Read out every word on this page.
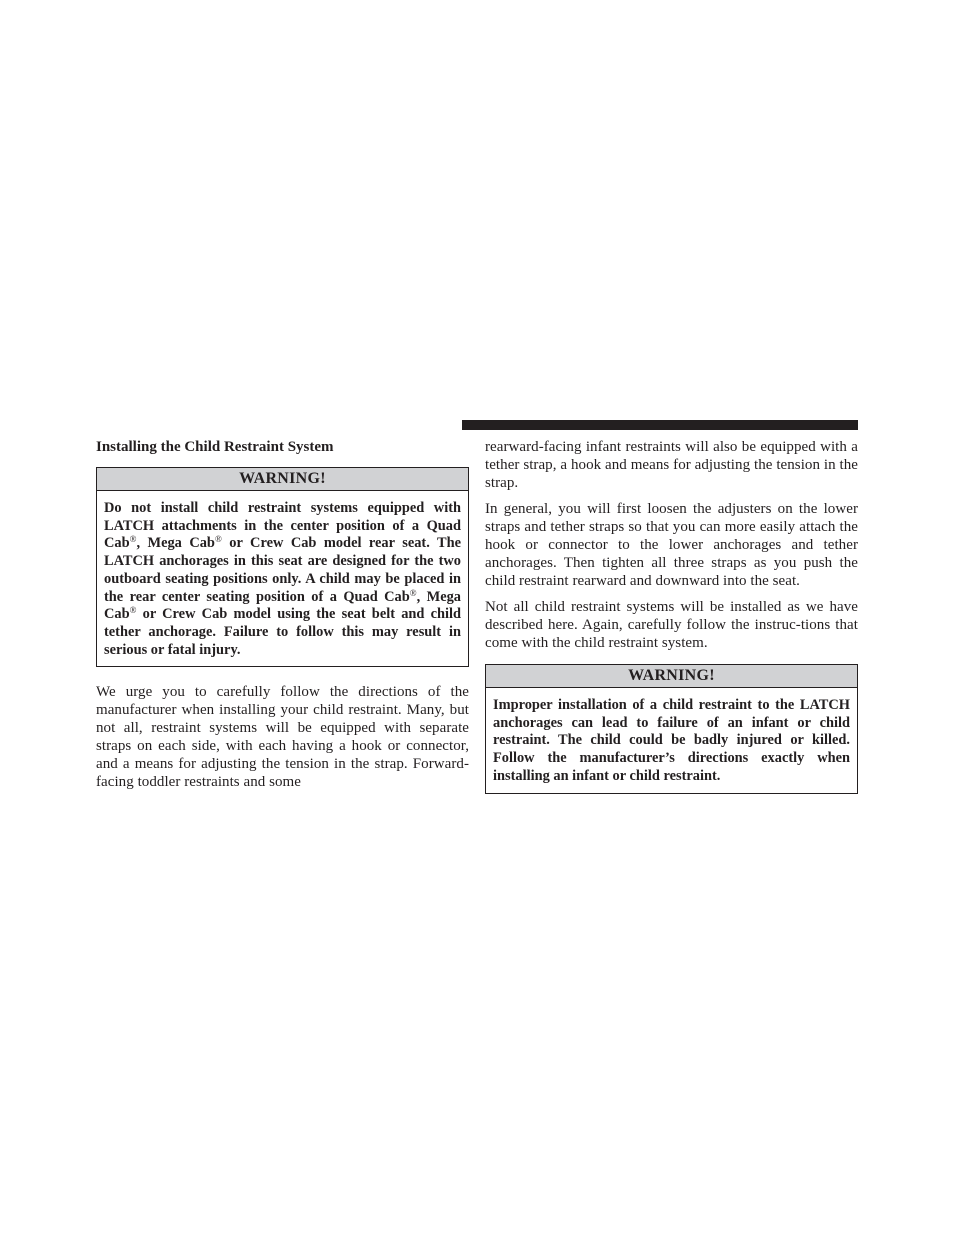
Installing the Child Restraint System
WARNING!
Do not install child restraint systems equipped with LATCH attachments in the center position of a Quad Cab®, Mega Cab® or Crew Cab model rear seat. The LATCH anchorages in this seat are designed for the two outboard seating positions only. A child may be placed in the rear center seating position of a Quad Cab®, Mega Cab® or Crew Cab model using the seat belt and child tether anchorage. Failure to follow this may result in serious or fatal injury.

We urge you to carefully follow the directions of the manufacturer when installing your child restraint. Many, but not all, restraint systems will be equipped with separate straps on each side, with each having a hook or connector, and a means for adjusting the tension in the strap. Forward-facing toddler restraints and some

rearward-facing infant restraints will also be equipped with a tether strap, a hook and means for adjusting the tension in the strap.

In general, you will first loosen the adjusters on the lower straps and tether straps so that you can more easily attach the hook or connector to the lower anchorages and tether anchorages. Then tighten all three straps as you push the child restraint rearward and downward into the seat.

Not all child restraint systems will be installed as we have described here. Again, carefully follow the instruc-tions that come with the child restraint system.

WARNING!
Improper installation of a child restraint to the LATCH anchorages can lead to failure of an infant or child restraint. The child could be badly injured or killed. Follow the manufacturer’s directions exactly when installing an infant or child restraint.
